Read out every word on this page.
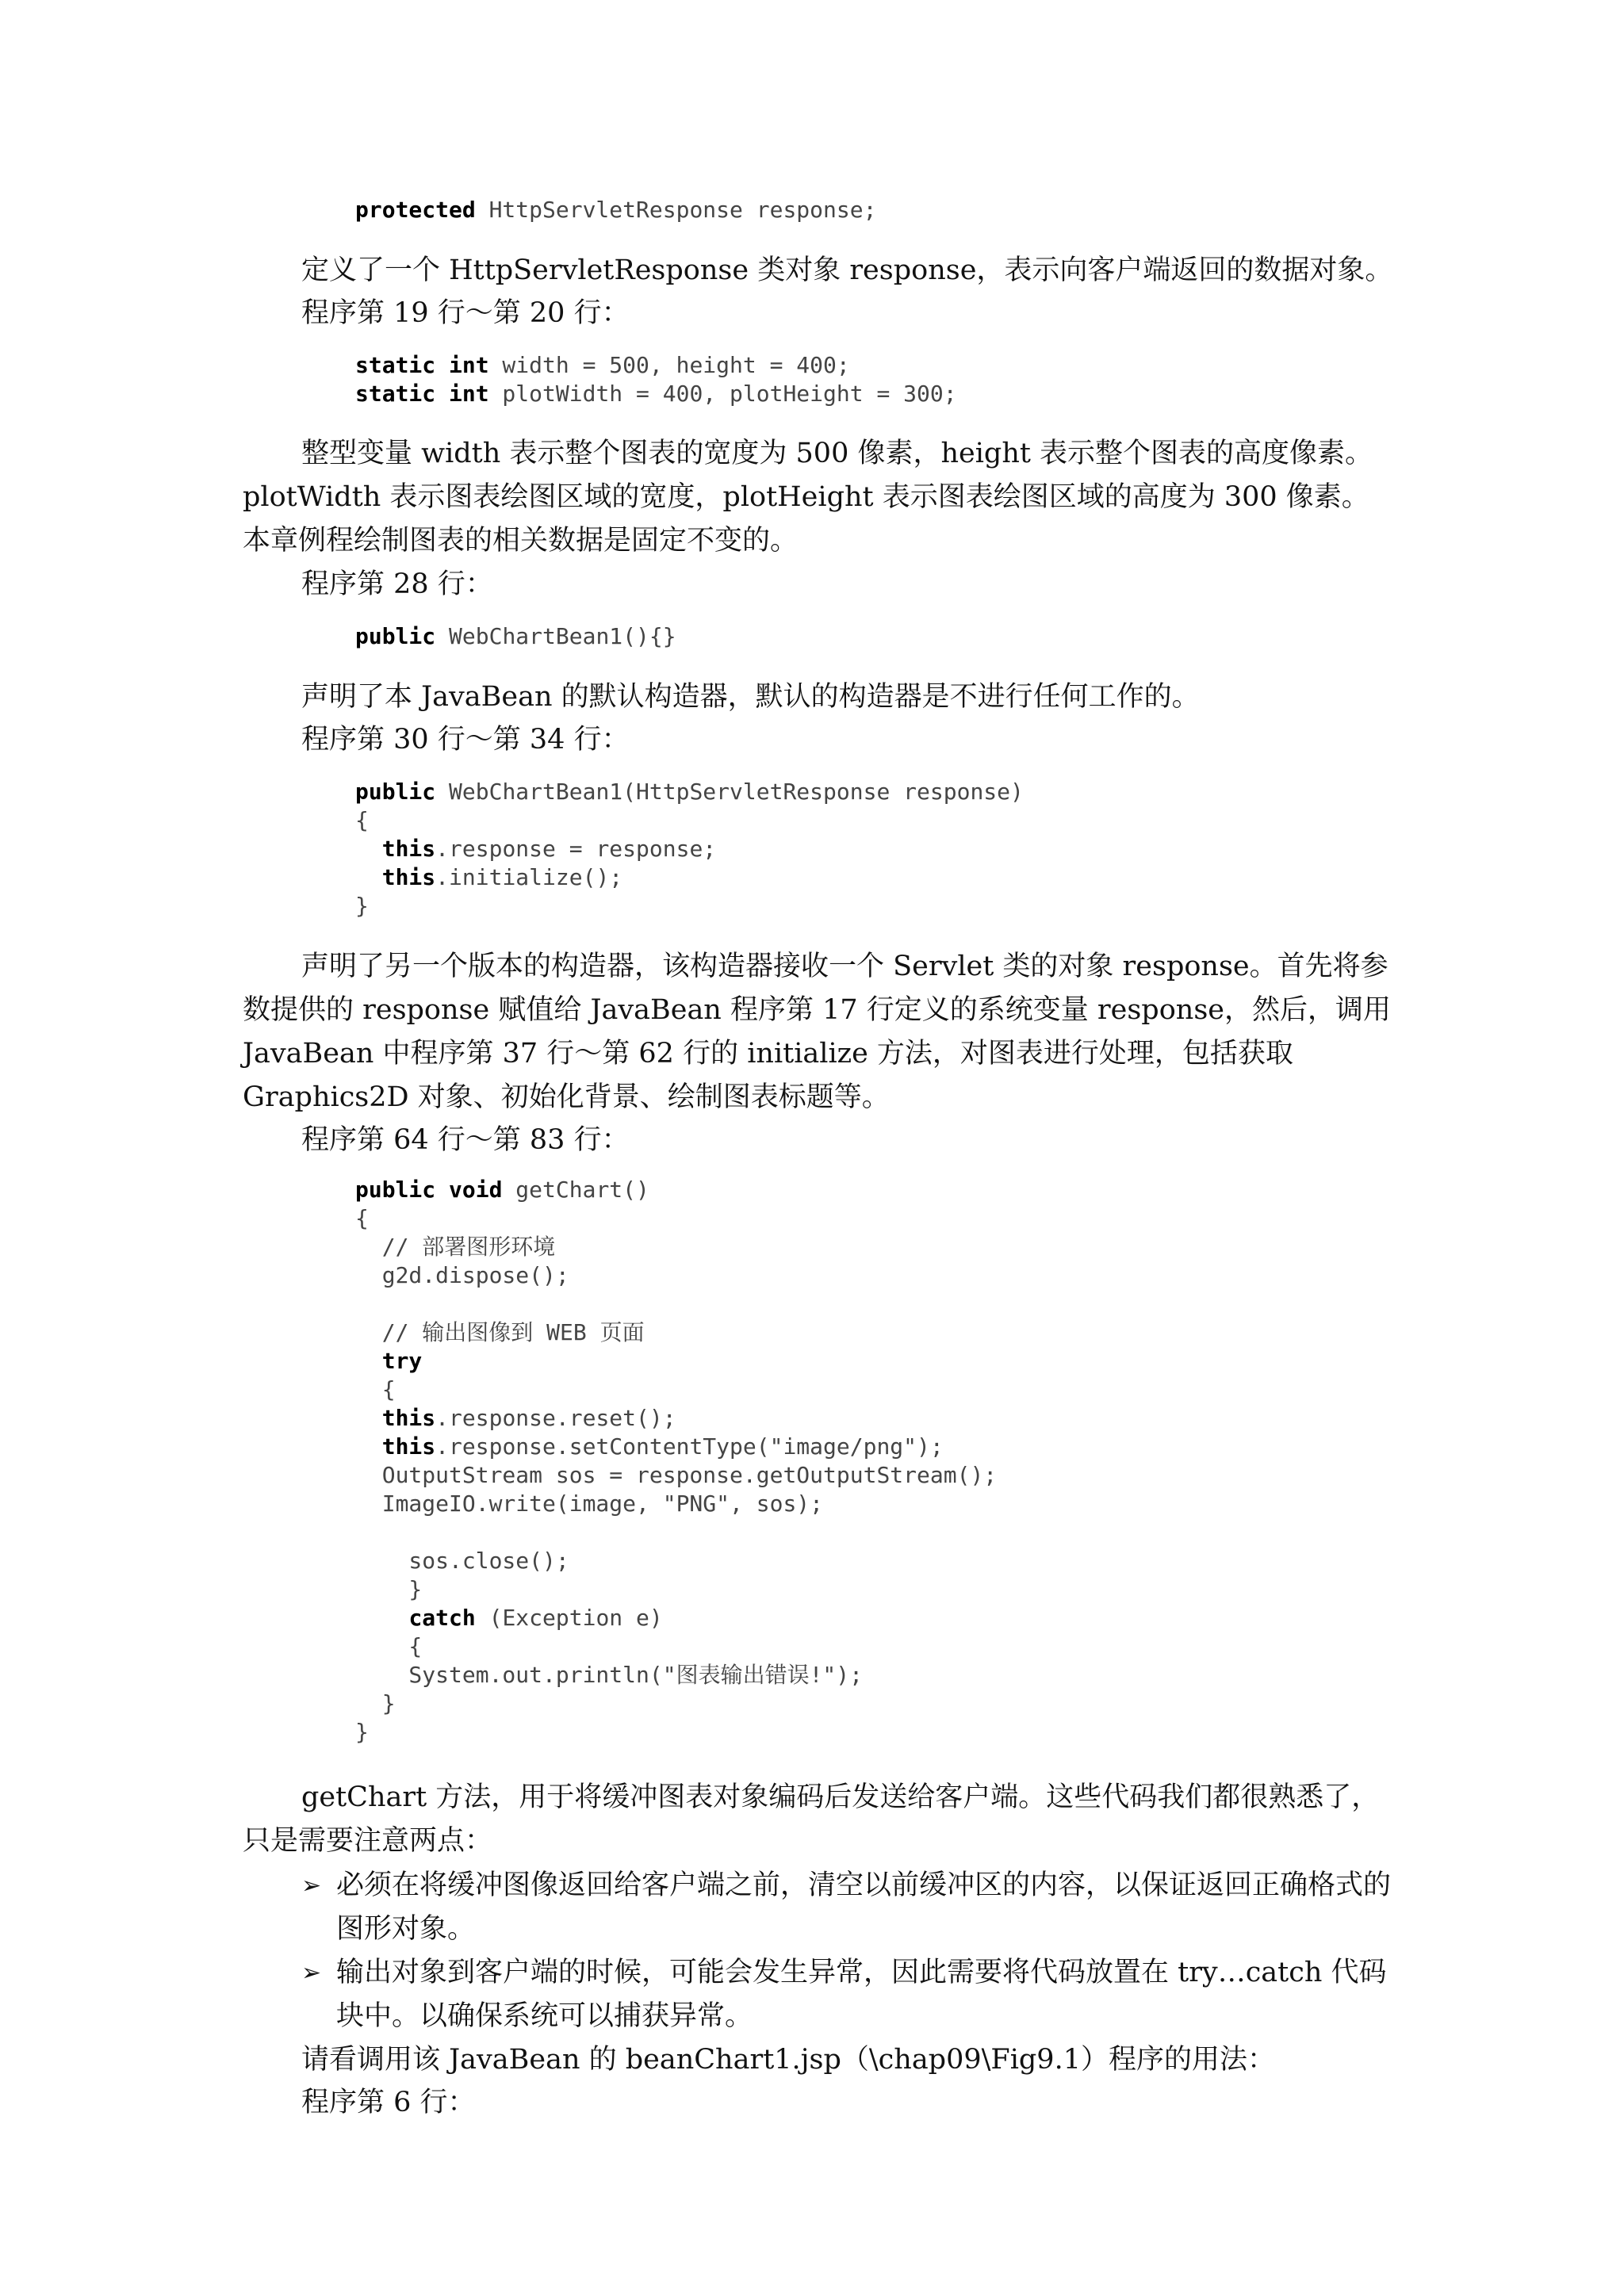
protected HttpServletResponse response;

定义了一个 HttpServletResponse 类对象 response，表示向客户端返回的数据对象。

程序第 19 行～第 20 行：

static int width = 500, height = 400;
static int plotWidth = 400, plotHeight = 300;

整型变量 width 表示整个图表的宽度为 500 像素，height 表示整个图表的高度像素。plotWidth 表示图表绘图区域的宽度，plotHeight 表示图表绘图区域的高度为 300 像素。本章例程绘制图表的相关数据是固定不变的。

程序第 28 行：

public WebChartBean1(){}

声明了本 JavaBean 的默认构造器，默认的构造器是不进行任何工作的。

程序第 30 行～第 34 行：

public WebChartBean1(HttpServletResponse response)
{
this.response = response;
this.initialize();
}

声明了另一个版本的构造器，该构造器接收一个 Servlet 类的对象 response。首先将参数提供的 response 赋值给 JavaBean 程序第 17 行定义的系统变量 response，然后，调用 JavaBean 中程序第 37 行～第 62 行的 initialize 方法，对图表进行处理，包括获取 Graphics2D 对象、初始化背景、绘制图表标题等。

程序第 64 行～第 83 行：

public void getChart()
{
// 部署图形环境
g2d.dispose();
// 输出图像到 WEB 页面
try
{
this.response.reset();
this.response.setContentType("image/png");
OutputStream sos = response.getOutputStream();
ImageIO.write(image, "PNG", sos);
sos.close();
}
catch (Exception e)
{
System.out.println("图表输出错误!");
}
}

getChart 方法，用于将缓冲图表对象编码后发送给客户端。这些代码我们都很熟悉了，只是需要注意两点：

➢ 必须在将缓冲图像返回给客户端之前，清空以前缓冲区的内容，以保证返回正确格式的图形对象。
➢ 输出对象到客户端的时候，可能会发生异常，因此需要将代码放置在 try…catch 代码块中。以确保系统可以捕获异常。

请看调用该 JavaBean 的 beanChart1.jsp（\chap09\Fig9.1）程序的用法：

程序第 6 行：
